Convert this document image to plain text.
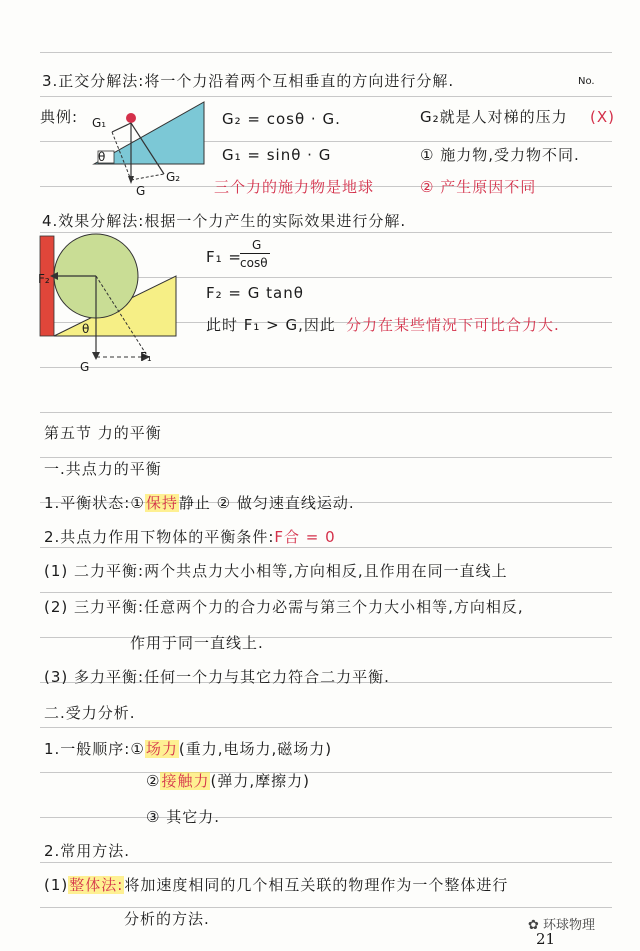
3.正交分解法:将一个力沿着两个互相垂直的方向进行分解.	No.
典例: G₁
θ
G₂
G
G₂ = cosθ · G.	G₂就是人对梯的压力 (X)
G₁ = sinθ · G	① 施力物,受力物不同.
三个力的施力物是地球	② 产生原因不同
4.效果分解法:根据一个力产生的实际效果进行分解.
F₂
θ
F₁
G
F₁ =
G
cosθ
F₂ = G tanθ
此时 F₁ > G,因此 分力在某些情况下可比合力大.
第五节 力的平衡
一.共点力的平衡
1.平衡状态:①保持静止 ② 做匀速直线运动.
2.共点力作用下物体的平衡条件:F合 = 0
(1) 二力平衡:两个共点力大小相等,方向相反,且作用在同一直线上
(2) 三力平衡:任意两个力的合力必需与第三个力大小相等,方向相反,
作用于同一直线上.
(3) 多力平衡:任何一个力与其它力符合二力平衡.
二.受力分析.
1.一般顺序:①场力(重力,电场力,磁场力)
②接触力(弹力,摩擦力)
③ 其它力.
2.常用方法.
(1)整体法:将加速度相同的几个相互关联的物理作为一个整体进行
分析的方法.	✿ 环球物理
21
